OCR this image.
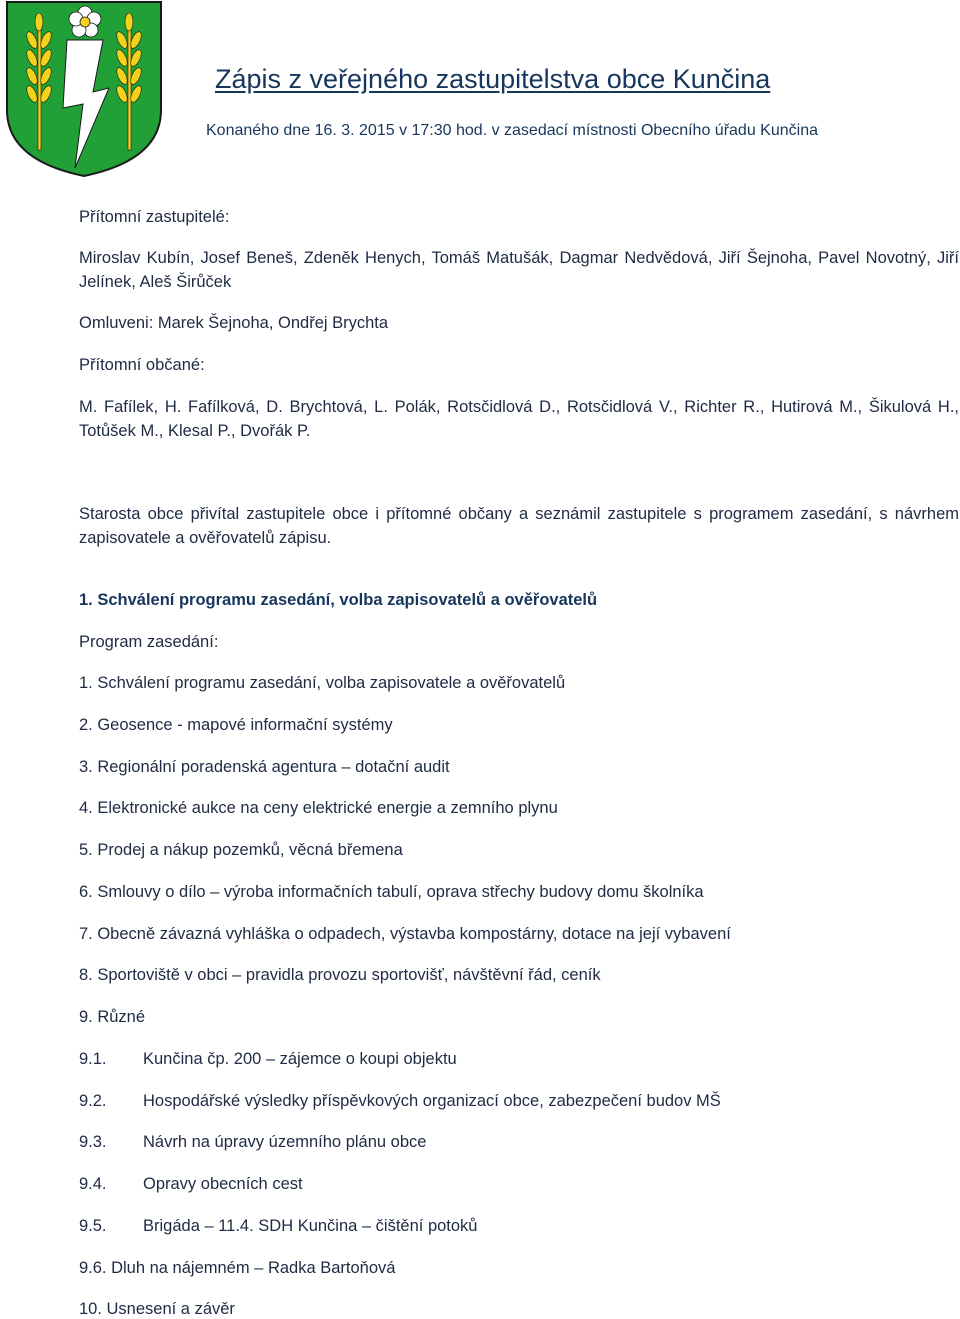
Zápis z veřejného zastupitelstva obce Kunčina
Konaného dne 16. 3. 2015 v 17:30 hod. v zasedací místnosti Obecního úřadu Kunčina
Přítomní zastupitelé:
Miroslav Kubín, Josef Beneš, Zdeněk Henych, Tomáš Matušák, Dagmar Nedvědová, Jiří Šejnoha, Pavel Novotný, Jiří Jelínek, Aleš Širůček
Omluveni: Marek Šejnoha, Ondřej Brychta
Přítomní občané:
M. Fafílek, H. Fafílková, D. Brychtová, L. Polák, Rotsčidlová D., Rotsčidlová V., Richter R., Hutirová M., Šikulová H., Totůšek M., Klesal P., Dvořák P.
Starosta obce přivítal zastupitele obce i přítomné občany a seznámil zastupitele s programem zasedání, s návrhem zapisovatele a ověřovatelů zápisu.
1. Schválení programu zasedání, volba zapisovatelů a ověřovatelů
Program zasedání:
1. Schválení programu zasedání, volba zapisovatele a ověřovatelů
2. Geosence - mapové informační systémy
3. Regionální poradenská agentura – dotační audit
4. Elektronické aukce na ceny elektrické energie a zemního plynu
5. Prodej a nákup pozemků, věcná břemena
6. Smlouvy o dílo – výroba informačních tabulí, oprava střechy budovy domu školníka
7. Obecně závazná vyhláška o odpadech, výstavba kompostárny, dotace na její vybavení
8. Sportoviště v obci – pravidla provozu sportovišť, návštěvní řád, ceník
9. Různé
9.1. Kunčina čp. 200 – zájemce o koupi objektu
9.2. Hospodářské výsledky příspěvkových organizací obce, zabezpečení budov MŠ
9.3. Návrh na úpravy územního plánu obce
9.4. Opravy obecních cest
9.5. Brigáda – 11.4. SDH Kunčina – čištění potoků
9.6. Dluh na nájemném – Radka Bartoňová
10. Usnesení a závěr
